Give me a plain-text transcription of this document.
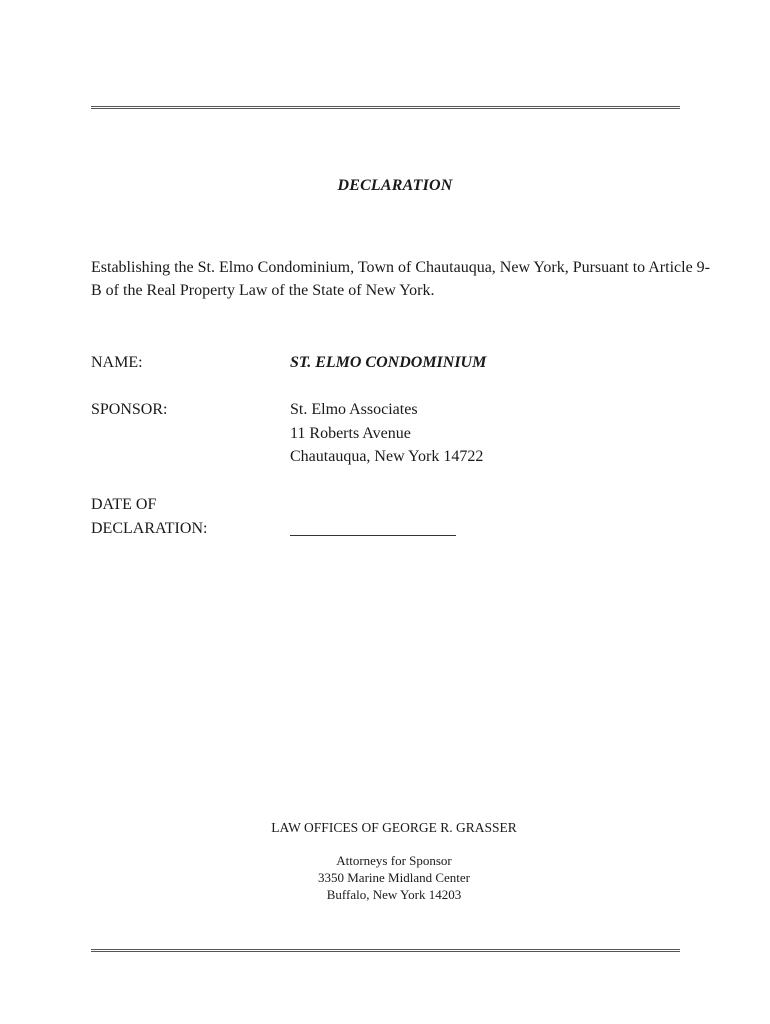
DECLARATION
Establishing the St. Elmo Condominium, Town of Chautauqua, New York, Pursuant to Article 9-B of the Real Property Law of the State of New York.
NAME:	ST. ELMO CONDOMINIUM
SPONSOR:	St. Elmo Associates
11 Roberts Avenue
Chautauqua, New York 14722
DATE OF
DECLARATION:
LAW OFFICES OF GEORGE R. GRASSER
Attorneys for Sponsor
3350 Marine Midland Center
Buffalo, New York 14203
